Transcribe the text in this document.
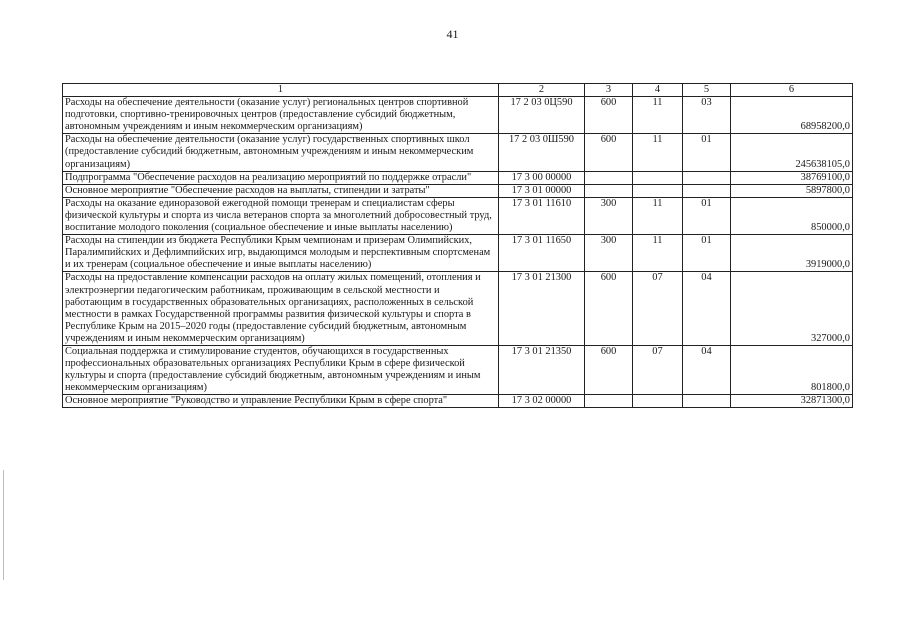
41
1	2	3	4	5	6
Расходы на обеспечение деятельности (оказание услуг) региональных центров спортивной подготовки, спортивно-тренировочных центров (предоставление субсидий бюджетным, автономным учреждениям и иным некоммерческим организациям)	17 2 03 0Ц590	600	11	03	68958200,0
Расходы на обеспечение деятельности (оказание услуг) государственных спортивных школ (предоставление субсидий бюджетным, автономным учреждениям и иным некоммерческим организациям)	17 2 03 0Ш590	600	11	01	245638105,0
Подпрограмма "Обеспечение расходов на реализацию мероприятий по поддержке отрасли"	17 3 00 00000				38769100,0
Основное мероприятие "Обеспечение расходов на выплаты, стипендии и затраты"	17 3 01 00000				5897800,0
Расходы на оказание единоразовой ежегодной помощи тренерам и специалистам сферы физической культуры и спорта из числа ветеранов спорта за многолетний добросовестный труд, воспитание молодого поколения (социальное обеспечение и иные выплаты населению)	17 3 01 11610	300	11	01	850000,0
Расходы на стипендии из бюджета Республики Крым чемпионам и призерам Олимпийских, Паралимпийских и Дефлимпийских игр, выдающимся молодым и перспективным спортсменам и их тренерам (социальное обеспечение и иные выплаты населению)	17 3 01 11650	300	11	01	3919000,0
Расходы на предоставление компенсации расходов на оплату жилых помещений, отопления и электроэнергии педагогическим работникам, проживающим в сельской местности и работающим в государственных образовательных организациях, расположенных в сельской местности в рамках Государственной программы развития физической культуры и спорта в Республике Крым на 2015–2020 годы (предоставление субсидий бюджетным, автономным учреждениям и иным некоммерческим организациям)	17 3 01 21300	600	07	04	327000,0
Социальная поддержка и стимулирование студентов, обучающихся в государственных профессиональных образовательных организациях Республики Крым в сфере физической культуры и спорта (предоставление субсидий бюджетным, автономным учреждениям и иным некоммерческим организациям)	17 3 01 21350	600	07	04	801800,0
Основное мероприятие "Руководство и управление Республики Крым в сфере спорта"	17 3 02 00000				32871300,0
